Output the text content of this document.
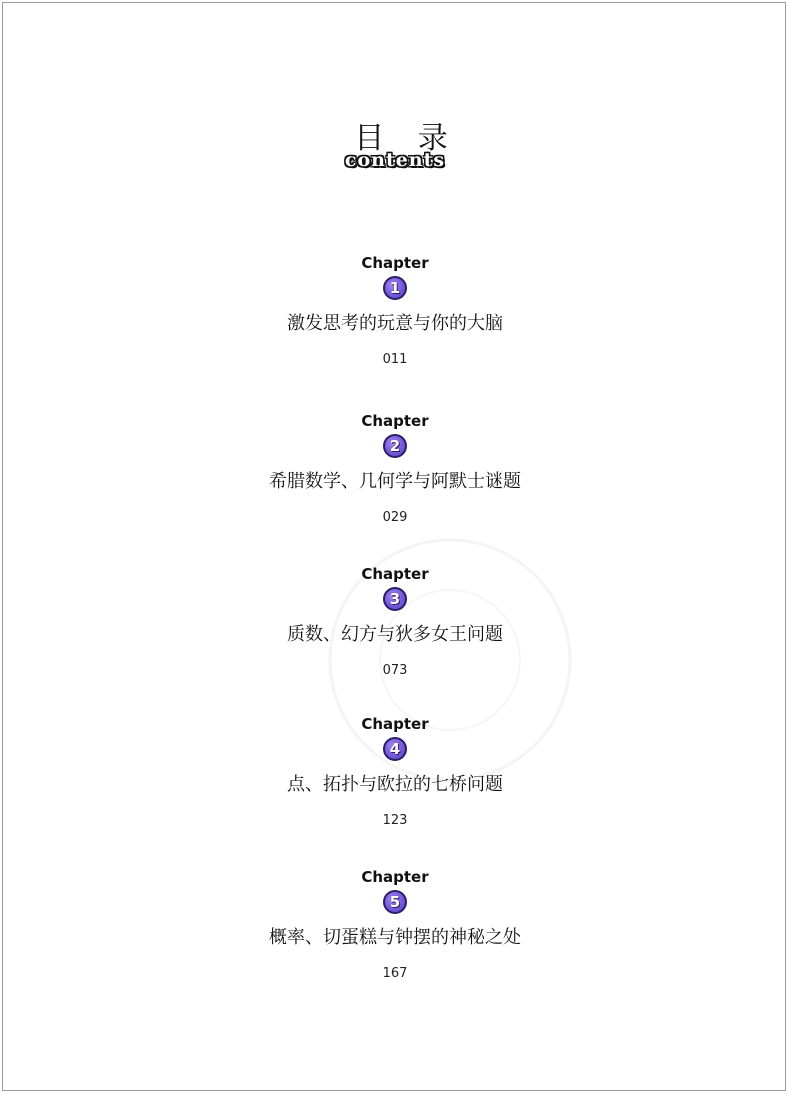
目 录
contents
Chapter
1
激发思考的玩意与你的大脑
011
Chapter
2
希腊数学、几何学与阿默士谜题
029
Chapter
3
质数、幻方与狄多女王问题
073
Chapter
4
点、拓扑与欧拉的七桥问题
123
Chapter
5
概率、切蛋糕与钟摆的神秘之处
167
